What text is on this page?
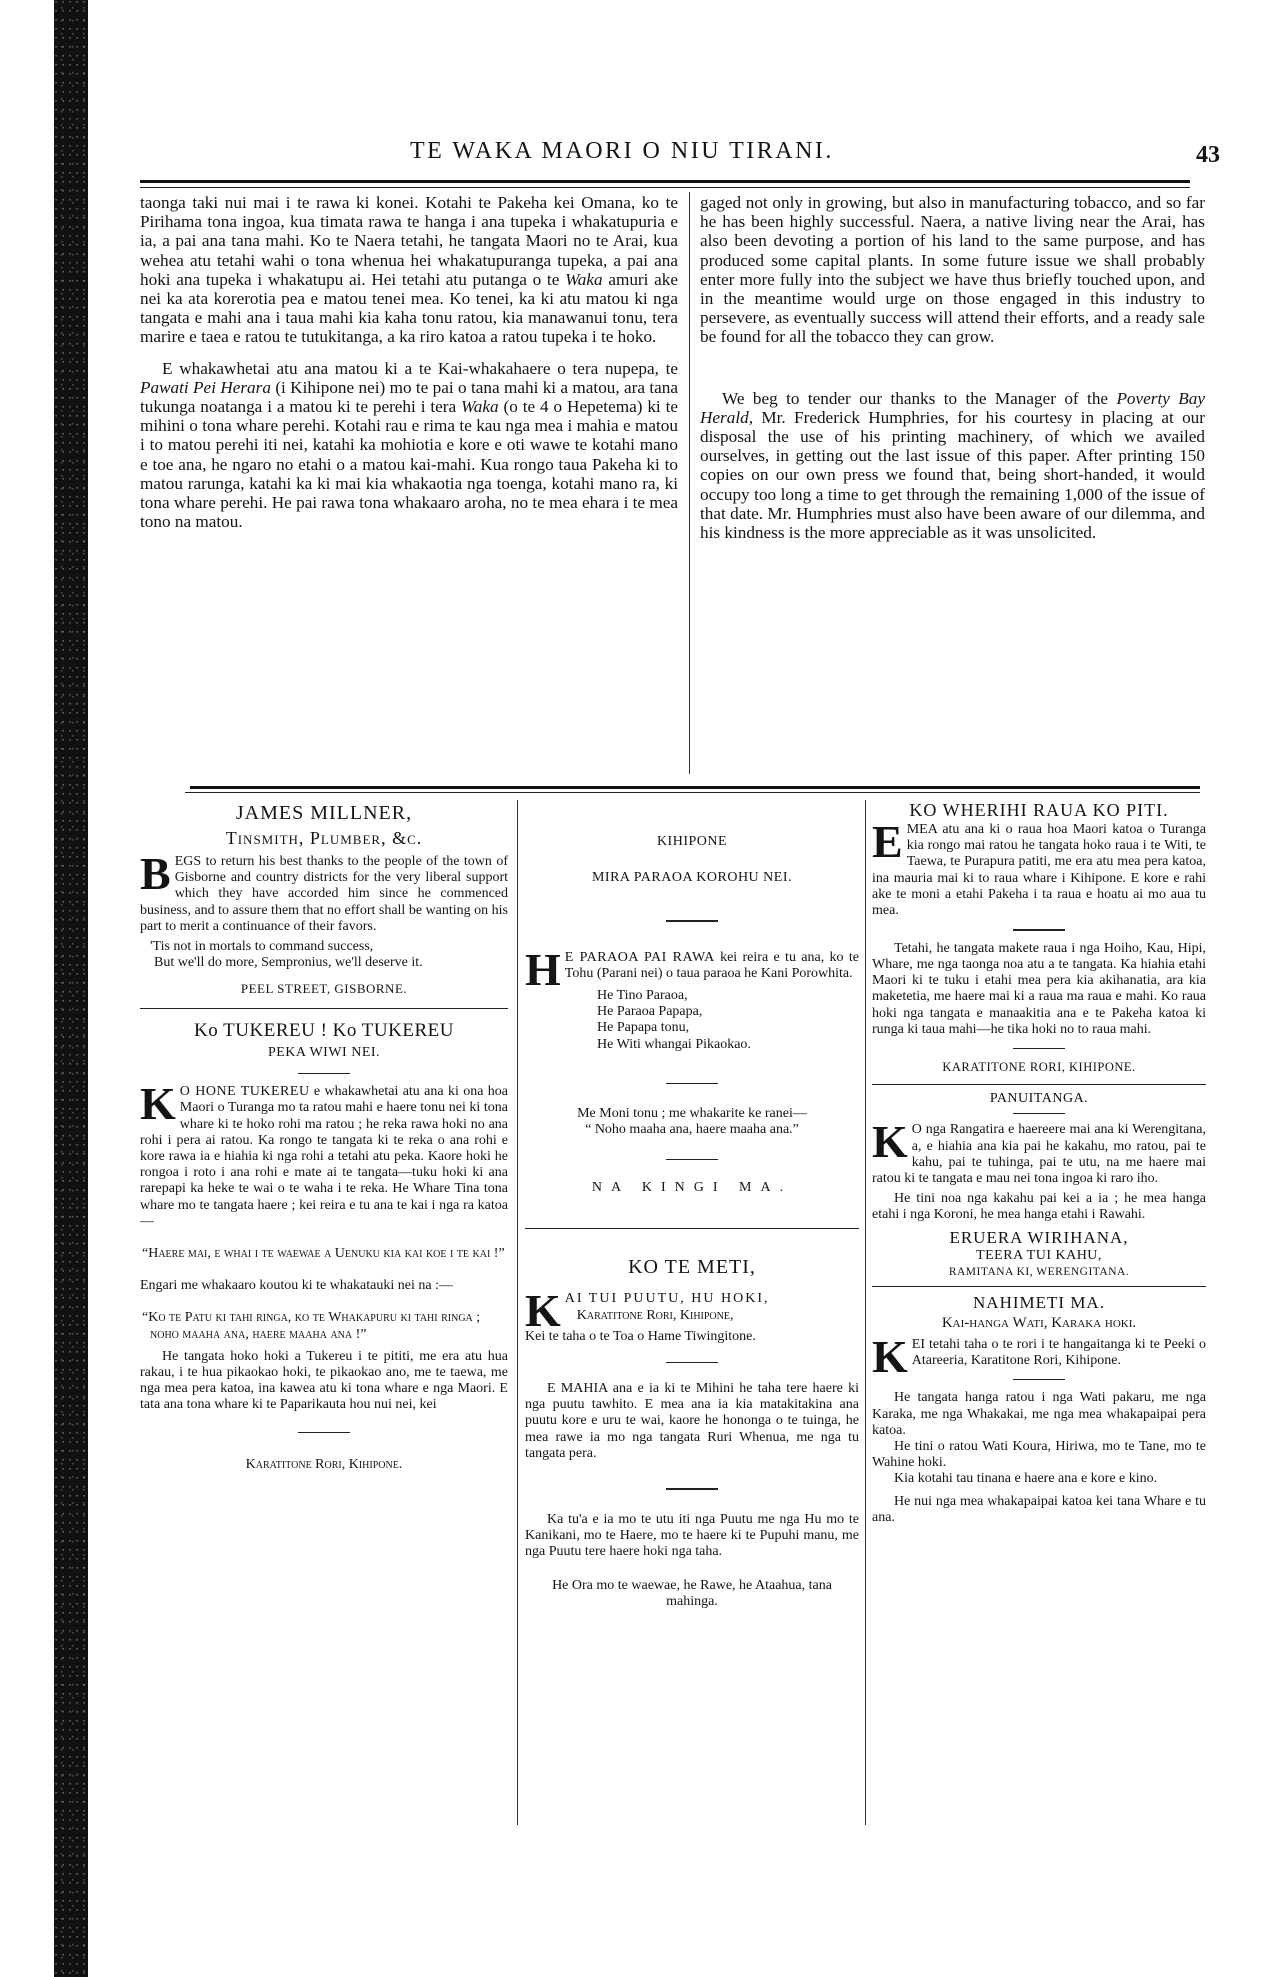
TE WAKA MAORI O NIU TIRANI.	43

taonga taki nui mai i te rawa ki konei. Kotahi te Pakeha kei Omana, ko te Pirihama tona ingoa, kua timata rawa te hanga i ana tupeka i whakatupuria e ia, a pai ana tana mahi. Ko te Naera tetahi, he tangata Maori no te Arai, kua wehea atu tetahi wahi o tona whenua hei whakatupuranga tupeka, a pai ana hoki ana tupeka i whakatupu ai. Hei tetahi atu putanga o te Waka amuri ake nei ka ata korerotia pea e matou tenei mea. Ko tenei, ka ki atu matou ki nga tangata e mahi ana i taua mahi kia kaha tonu ratou, kia manawanui tonu, tera marire e taea e ratou te tutukitanga, a ka riro katoa a ratou tupeka i te hoko.

E whakawhetai atu ana matou ki a te Kai-whakahaere o tera nupepa, te Pawati Pei Herara (i Kihipone nei) mo te pai o tana mahi ki a matou, ara tana tukunga noatanga i a matou ki te perehi i tera Waka (o te 4 o Hepetema) ki te mihini o tona whare perehi. Kotahi rau e rima te kau nga mea i mahia e matou i to matou perehi iti nei, katahi ka mohiotia e kore e oti wawe te kotahi mano e toe ana, he ngaro no etahi o a matou kai-mahi. Kua rongo taua Pakeha ki to matou rarunga, katahi ka ki mai kia whakaotia nga toenga, kotahi mano ra, ki tona whare perehi. He pai rawa tona whakaaro aroha, no te mea ehara i te mea tono na matou.

gaged not only in growing, but also in manufacturing tobacco, and so far he has been highly successful. Naera, a native living near the Arai, has also been devoting a portion of his land to the same purpose, and has produced some capital plants. In some future issue we shall probably enter more fully into the subject we have thus briefly touched upon, and in the meantime would urge on those engaged in this industry to persevere, as eventually success will attend their efforts, and a ready sale be found for all the tobacco they can grow.

We beg to tender our thanks to the Manager of the Poverty Bay Herald, Mr. Frederick Humphries, for his courtesy in placing at our disposal the use of his printing machinery, of which we availed ourselves, in getting out the last issue of this paper. After printing 150 copies on our own press we found that, being short-handed, it would occupy too long a time to get through the remaining 1,000 of the issue of that date. Mr. Humphries must also have been aware of our dilemma, and his kindness is the more appreciable as it was unsolicited.

JAMES MILLNER,
Tinsmith, Plumber, &c.

BEGS to return his best thanks to the people of the town of Gisborne and country districts for the very liberal support which they have accorded him since he commenced business, and to assure them that no effort shall be wanting on his part to merit a continuance of their favors.

'Tis not in mortals to command success,

But we'll do more, Sempronius, we'll deserve it.

PEEL STREET, GISBORNE.
Ko TUKEREU ! Ko TUKEREU
PEKA WIWI NEI.

K O HONE TUKEREU e whakawhetai atu ana ki ona hoa Maori o Turanga mo ta ratou mahi e haere tonu nei ki tona whare ki te hoko rohi ma ratou ; he reka rawa hoki no ana rohi i pera ai ratou. Ka rongo te tangata ki te reka o ana rohi e kore rawa ia e hiahia ki nga rohi a tetahi atu peka. Kaore hoki he rongoa i roto i ana rohi e mate ai te tangata—tuku hoki ki ana rarepapi ka heke te wai o te waha i te reka. He Whare Tina tona whare mo te tangata haere ; kei reira e tu ana te kai i nga ra katoa—

“Haere mai, e whai i te waewae a Uenuku kia kai koe i te kai !”

Engari me whakaaro koutou ki te whakatauki nei na :—

“Ko te Patu ki tahi ringa, ko te Whakapuru ki tahi ringa ; noho maaha ana, haere maaha ana !”

He tangata hoko hoki a Tukereu i te pititi, me era atu hua rakau, i te hua pikaokao hoki, te pikaokao ano, me te taewa, me nga mea pera katoa, ina kawea atu ki tona whare e nga Maori. E tata ana tona whare ki te Paparikauta hou nui nei, kei

Karatitone Rori, Kihipone.
KIHIPONE
MIRA PARAOA KOROHU NEI.

H E PARAOA PAI RAWA kei reira e tu ana, ko te Tohu (Parani nei) o taua paraoa he Kani Porowhita.

He Tino Paraoa,
He Paraoa Papapa,
He Papapa tonu,
He Witi whangai Pikaokao.

Me Moni tonu ; me whakarite ke ranei—

“ Noho maaha ana, haere maaha ana.”

NA KINGI MA.
KO TE METI,

KAI TUI PUUTU, HU HOKI,
Karatitone Rori, Kihipone,

Kei te taha o te Toa o Hame Tiwingitone.

E MAHIA ana e ia ki te Mihini he taha tere haere ki nga puutu tawhito. E mea ana ia kia matakitakina ana puutu kore e uru te wai, kaore he hononga o te tuinga, he mea rawe ia mo nga tangata Ruri Whenua, me nga tu tangata pera.

Ka tu'a e ia mo te utu iti nga Puutu me nga Hu mo te Kanikani, mo te Haere, mo te haere ki te Pupuhi manu, me nga Puutu tere haere hoki nga taha.

He Ora mo te waewae, he Rawe, he Ataahua, tana mahinga.

KO WHERIHI RAUA KO PITI.

EMEA atu ana ki o raua hoa Maori katoa o Turanga kia rongo mai ratou he tangata hoko raua i te Witi, te Taewa, te Purapura patiti, me era atu mea pera katoa, ina mauria mai ki to raua whare i Kihipone. E kore e rahi ake te moni a etahi Pakeha i ta raua e hoatu ai mo aua tu mea.

Tetahi, he tangata makete raua i nga Hoiho, Kau, Hipi, Whare, me nga taonga noa atu a te tangata. Ka hiahia etahi Maori ki te tuku i etahi mea pera kia akihanatia, ara kia maketetia, me haere mai ki a raua ma raua e mahi. Ko raua hoki nga tangata e manaakitia ana e te Pakeha katoa ki runga ki taua mahi—he tika hoki no to raua mahi.

KARATITONE RORI, KIHIPONE.
PANUITANGA.

K O nga Rangatira e haereere mai ana ki Werengitana, a, e hiahia ana kia pai he kakahu, mo ratou, pai te kahu, pai te tuhinga, pai te utu, na me haere mai ratou ki te tangata e mau nei tona ingoa ki raro iho.

He tini noa nga kakahu pai kei a ia ; he mea hanga etahi i nga Koroni, he mea hanga etahi i Rawahi.

ERUERA WIRIHANA,
TEERA TUI KAHU,
RAMITANA KI, WERENGITANA.
NAHIMETI MA.
Kai-hanga Wati, Karaka hoki.

KEI tetahi taha o te rori i te hangaitanga ki te Peeki o Atareeria, Karatitone Rori, Kihipone.

He tangata hanga ratou i nga Wati pakaru, me nga Karaka, me nga Whakakai, me nga mea whakapaipai pera katoa.

He tini o ratou Wati Koura, Hiriwa, mo te Tane, mo te Wahine hoki.

Kia kotahi tau tinana e haere ana e kore e kino.

He nui nga mea whakapaipai katoa kei tana Whare e tu ana.
